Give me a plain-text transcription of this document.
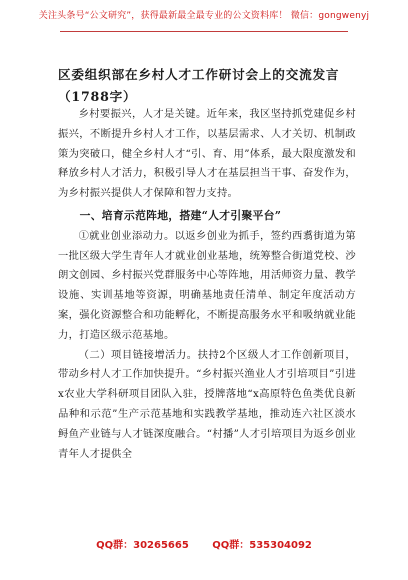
关注头条号“公文研究”，获得最新最全最专业的公文资料库！ 微信：gongwenyj
区委组织部在乡村人才工作研讨会上的交流发言（1788字）

乡村要振兴，人才是关键。近年来，我区坚持抓党建促乡村振兴，不断提升乡村人才工作，以基层需求、人才关切、机制政策为突破口，健全乡村人才“引、育、用”体系，最大限度激发和释放乡村人才活力，积极引导人才在基层担当干事、奋发作为，为乡村振兴提供人才保障和智力支持。

一、培育示范阵地，搭建“人才引聚平台”

①就业创业添动力。以返乡创业为抓手，签约西翥街道为第一批区级大学生青年人才就业创业基地，统筹整合街道党校、沙朗文创园、乡村振兴党群服务中心等阵地，用活师资力量、教学设施、实训基地等资源，明确基地责任清单、制定年度活动方案，强化资源整合和功能孵化，不断提高服务水平和吸纳就业能力，打造区级示范基地。

（二）项目链接增活力。扶持2个区级人才工作创新项目，带动乡村人才工作加快提升。“乡村振兴渔业人才引培项目”引进x农业大学科研项目团队入驻，授牌落地“x高原特色鱼类优良新品种和示范”生产示范基地和实践教学基地，推动连六社区淡水鲟鱼产业链与人才链深度融合。“村播”人才引培项目为返乡创业青年人才提供全

QQ群：30265665 QQ群：535304092
